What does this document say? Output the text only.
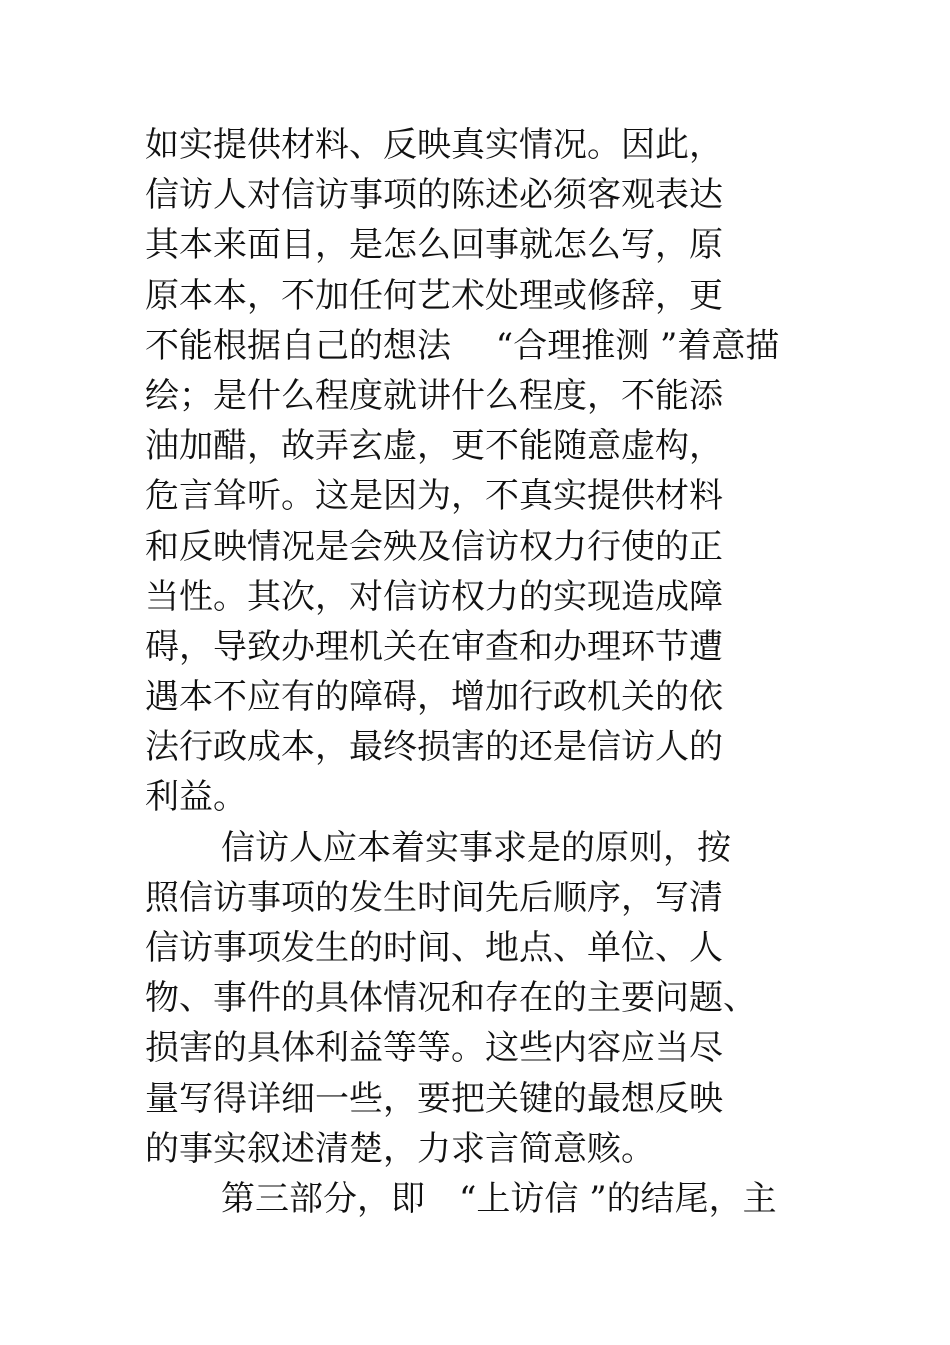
如实提供材料、反映真实情况。因此，
信访人对信访事项的陈述必须客观表达
其本来面目，是怎么回事就怎么写，原
原本本，不加任何艺术处理或修辞，更
不能根据自己的想法　 “合理推测 ”着意描
绘；是什么程度就讲什么程度，不能添
油加醋，故弄玄虚，更不能随意虚构，
危言耸听。这是因为，不真实提供材料
和反映情况是会殃及信访权力行使的正
当性。其次，对信访权力的实现造成障
碍，导致办理机关在审查和办理环节遭
遇本不应有的障碍，增加行政机关的依
法行政成本，最终损害的还是信访人的
利益。
信访人应本着实事求是的原则，按
照信访事项的发生时间先后顺序，写清
信访事项发生的时间、地点、单位、人
物、事件的具体情况和存在的主要问题、
损害的具体利益等等。这些内容应当尽
量写得详细一些，要把关键的最想反映
的事实叙述清楚，力求言简意赅。
第三部分，即　“上访信 ”的结尾，主
